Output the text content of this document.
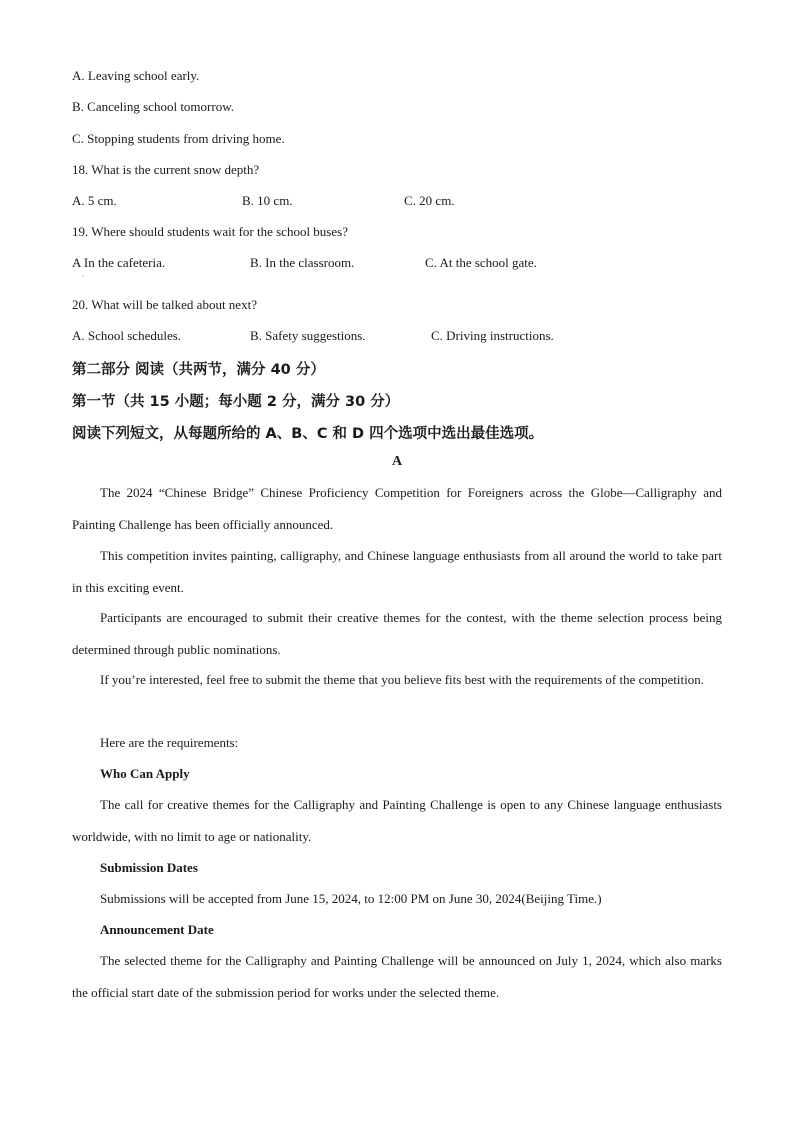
A. Leaving school early.
B. Canceling school tomorrow.
C. Stopping students from driving home.
18. What is the current snow depth?
A. 5 cm.	B. 10 cm.	C. 20 cm.
19. Where should students wait for the school buses?
A In the cafeteria.
·
B. In the classroom.	C. At the school gate.
20. What will be talked about next?
A. School schedules.	B. Safety suggestions.	C. Driving instructions.
第二部分 阅读（共两节，满分 40 分）
第一节（共 15 小题；每小题 2 分，满分 30 分）
阅读下列短文，从每题所给的 A、B、C 和 D 四个选项中选出最佳选项。
A
The 2024 “Chinese Bridge” Chinese Proficiency Competition for Foreigners across the Globe—Calligraphy and Painting Challenge has been officially announced.
This competition invites painting, calligraphy, and Chinese language enthusiasts from all around the world to take part in this exciting event.
Participants are encouraged to submit their creative themes for the contest, with the theme selection process being determined through public nominations.
If you’re interested, feel free to submit the theme that you believe fits best with the requirements of the competition.
Here are the requirements:
Who Can Apply
The call for creative themes for the Calligraphy and Painting Challenge is open to any Chinese language enthusiasts worldwide, with no limit to age or nationality.
Submission Dates
Submissions will be accepted from June 15, 2024, to 12:00 PM on June 30, 2024(Beijing Time.)
Announcement Date
The selected theme for the Calligraphy and Painting Challenge will be announced on July 1, 2024, which also marks the official start date of the submission period for works under the selected theme.
